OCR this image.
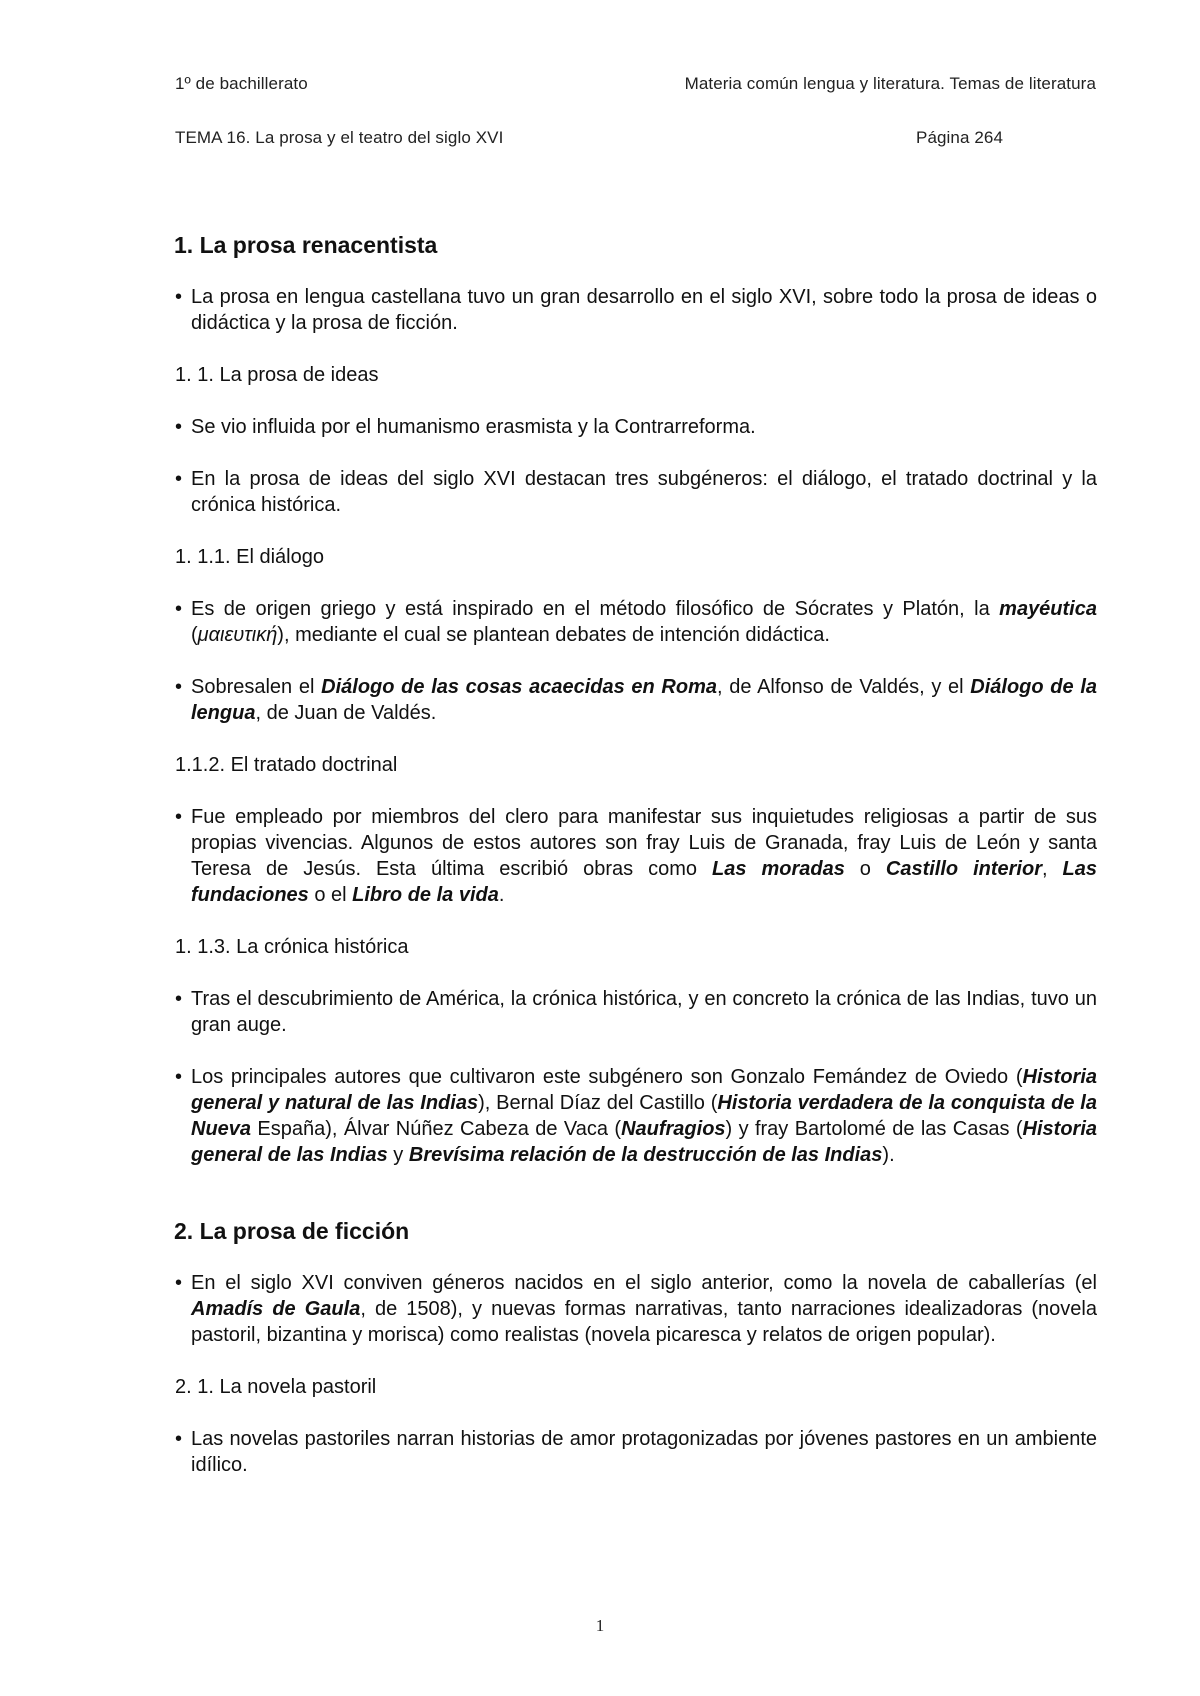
1º de bachillerato	Materia común lengua y literatura. Temas de literatura
TEMA 16. La prosa y el teatro del siglo XVI	Página 264
1. La prosa renacentista
• La prosa en lengua castellana tuvo un gran desarrollo en el siglo XVI, sobre todo la prosa de ideas o didáctica y la prosa de ficción.
1. 1. La prosa de ideas
• Se vio influida por el humanismo erasmista y la Contrarreforma.
• En la prosa de ideas del siglo XVI destacan tres subgéneros: el diálogo, el tratado doctrinal y la crónica histórica.
1. 1.1. El diálogo
• Es de origen griego y está inspirado en el método filosófico de Sócrates y Platón, la mayéutica (μαιευτική), mediante el cual se plantean debates de intención didáctica.
• Sobresalen el Diálogo de las cosas acaecidas en Roma, de Alfonso de Valdés, y el Diálogo de la lengua, de Juan de Valdés.
1.1.2. El tratado doctrinal
• Fue empleado por miembros del clero para manifestar sus inquietudes religiosas a partir de sus propias vivencias. Algunos de estos autores son fray Luis de Granada, fray Luis de León y santa Teresa de Jesús. Esta última escribió obras como Las moradas o Castillo interior, Las fundaciones o el Libro de la vida.
1. 1.3. La crónica histórica
• Tras el descubrimiento de América, la crónica histórica, y en concreto la crónica de las Indias, tuvo un gran auge.
• Los principales autores que cultivaron este subgénero son Gonzalo Femández de Oviedo (Historia general y natural de las Indias), Bernal Díaz del Castillo (Historia verdadera de la conquista de la Nueva España), Álvar Núñez Cabeza de Vaca (Naufragios) y fray Bartolomé de las Casas (Historia general de las Indias y Brevísima relación de la destrucción de las Indias).
2. La prosa de ficción
• En el siglo XVI conviven géneros nacidos en el siglo anterior, como la novela de caballerías (el Amadís de Gaula, de 1508), y nuevas formas narrativas, tanto narraciones idealizadoras (novela pastoril, bizantina y morisca) como realistas (novela picaresca y relatos de origen popular).
2. 1. La novela pastoril
• Las novelas pastoriles narran historias de amor protagonizadas por jóvenes pastores en un ambiente idílico.
1
